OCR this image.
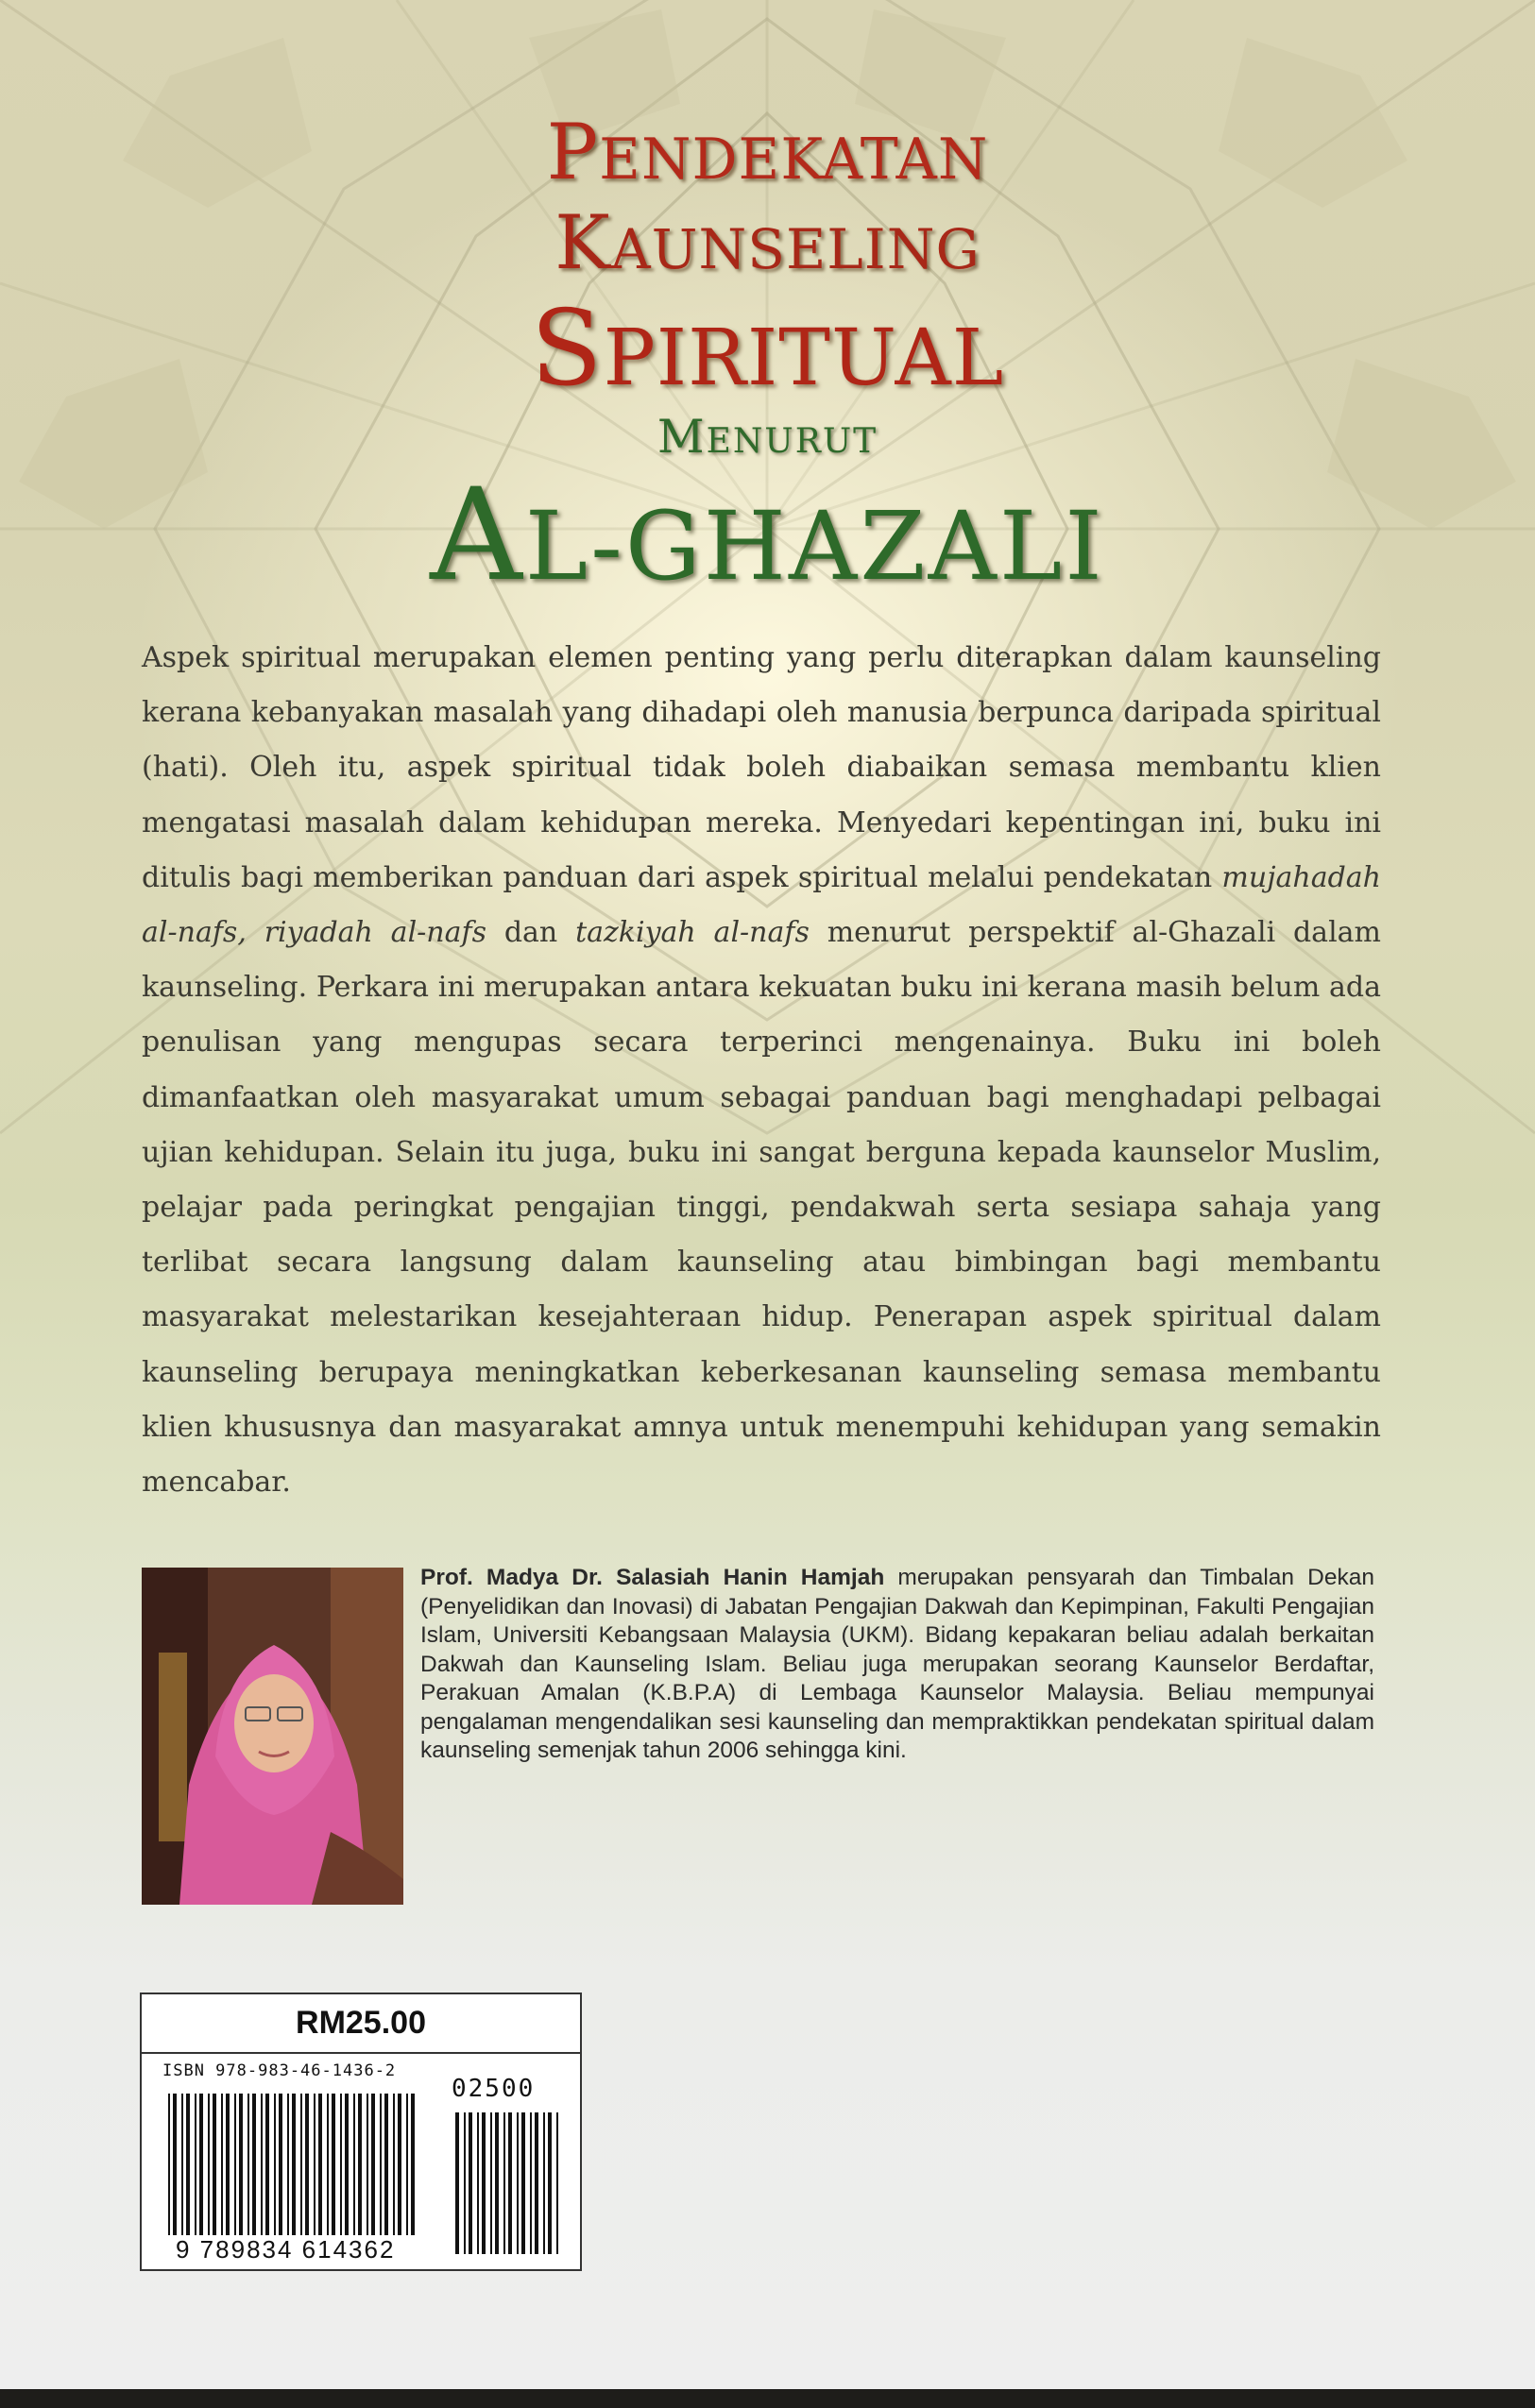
PENDEKATAN
KAUNSELING
SPIRITUAL
MENURUT
AL-GHAZALI

Aspek spiritual merupakan elemen penting yang perlu diterapkan dalam kaunseling kerana kebanyakan masalah yang dihadapi oleh manusia berpunca daripada spiritual (hati). Oleh itu, aspek spiritual tidak boleh diabaikan semasa membantu klien mengatasi masalah dalam kehidupan mereka. Menyedari kepentingan ini, buku ini ditulis bagi memberikan panduan dari aspek spiritual melalui pendekatan mujahadah al-nafs, riyadah al-nafs dan tazkiyah al-nafs menurut perspektif al-Ghazali dalam kaunseling. Perkara ini merupakan antara kekuatan buku ini kerana masih belum ada penulisan yang mengupas secara terperinci mengenainya. Buku ini boleh dimanfaatkan oleh masyarakat umum sebagai panduan bagi menghadapi pelbagai ujian kehidupan. Selain itu juga, buku ini sangat berguna kepada kaunselor Muslim, pelajar pada peringkat pengajian tinggi, pendakwah serta sesiapa sahaja yang terlibat secara langsung dalam kaunseling atau bimbingan bagi membantu masyarakat melestarikan kesejahteraan hidup. Penerapan aspek spiritual dalam kaunseling berupaya meningkatkan keberkesanan kaunseling semasa membantu klien khususnya dan masyarakat amnya untuk menempuhi kehidupan yang semakin mencabar.

Prof. Madya Dr. Salasiah Hanin Hamjah merupakan pensyarah dan Timbalan Dekan (Penyelidikan dan Inovasi) di Jabatan Pengajian Dakwah dan Kepimpinan, Fakulti Pengajian Islam, Universiti Kebangsaan Malaysia (UKM). Bidang kepakaran beliau adalah berkaitan Dakwah dan Kaunseling Islam. Beliau juga merupakan seorang Kaunselor Berdaftar, Perakuan Amalan (K.B.P.A) di Lembaga Kaunselor Malaysia. Beliau mempunyai pengalaman mengendalikan sesi kaunseling dan mempraktikkan pendekatan spiritual dalam kaunseling semenjak tahun 2006 sehingga kini.

RM25.00
ISBN 978-983-46-1436-2
02500
9 789834 614362
